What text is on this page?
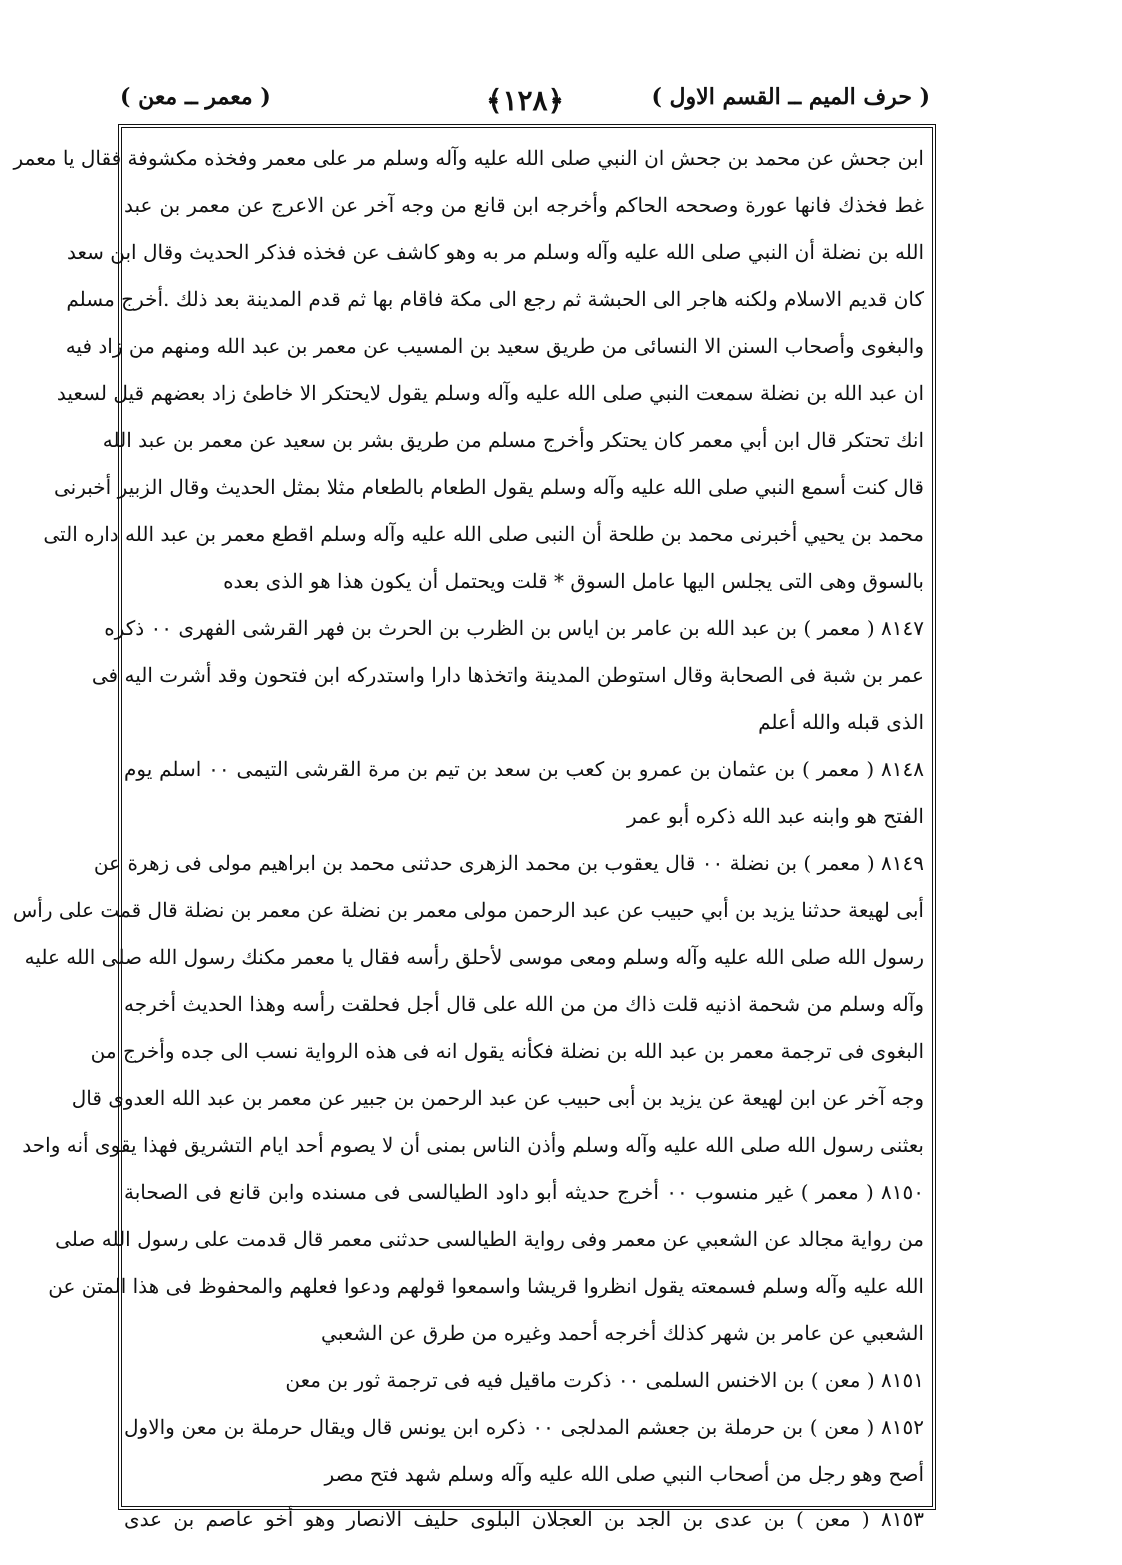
( حرف الميم ــ القسم الاول )
﴿١٢٨﴾
( معمر ــ معن )
ابن جحش عن محمد بن جحش ان النبي صلى الله عليه وآله وسلم مر على معمر وفخذه مكشوفة فقال يا معمر
غط فخذك فانها عورة وصححه الحاكم وأخرجه ابن قانع من وجه آخر عن الاعرج عن معمر بن عبد
الله بن نضلة أن النبي صلى الله عليه وآله وسلم مر به وهو كاشف عن فخذه فذكر الحديث وقال ابن سعد
كان قديم الاسلام ولكنه هاجر الى الحبشة ثم رجع الى مكة فاقام بها ثم قدم المدينة بعد ذلك .أخرج مسلم
والبغوى وأصحاب السنن الا النسائى من طريق سعيد بن المسيب عن معمر بن عبد الله ومنهم من زاد فيه
ان عبد الله بن نضلة سمعت النبي صلى الله عليه وآله وسلم يقول لايحتكر الا خاطئ زاد بعضهم قيل لسعيد
انك تحتكر قال ابن أبي معمر كان يحتكر وأخرج مسلم من طريق بشر بن سعيد عن معمر بن عبد الله
قال كنت أسمع النبي صلى الله عليه وآله وسلم يقول الطعام بالطعام مثلا بمثل الحديث وقال الزبير أخبرنى
محمد بن يحيي أخبرنى محمد بن طلحة أن النبى صلى الله عليه وآله وسلم اقطع معمر بن عبد الله داره التى
بالسوق وهى التى يجلس اليها عامل السوق * قلت ويحتمل أن يكون هذا هو الذى بعده
٨١٤٧ ( معمر ) بن عبد الله بن عامر بن اياس بن الظرب بن الحرث بن فهر القرشى الفهرى ٠٠ ذكره
عمر بن شبة فى الصحابة وقال استوطن المدينة واتخذها دارا واستدركه ابن فتحون وقد أشرت اليه فى
الذى قبله والله أعلم
٨١٤٨ ( معمر ) بن عثمان بن عمرو بن كعب بن سعد بن تيم بن مرة القرشى التيمى ٠٠ اسلم يوم
الفتح هو وابنه عبد الله ذكره أبو عمر
٨١٤٩ ( معمر ) بن نضلة ٠٠ قال يعقوب بن محمد الزهرى حدثنى محمد بن ابراهيم مولى فى زهرة عن
أبى لهيعة حدثنا يزيد بن أبي حبيب عن عبد الرحمن مولى معمر بن نضلة عن معمر بن نضلة قال قمت على رأس
رسول الله صلى الله عليه وآله وسلم ومعى موسى لأحلق رأسه فقال يا معمر مكنك رسول الله صلى الله عليه
وآله وسلم من شحمة اذنيه قلت ذاك من من الله على قال أجل فحلقت رأسه وهذا الحديث أخرجه
البغوى فى ترجمة معمر بن عبد الله بن نضلة فكأنه يقول انه فى هذه الرواية نسب الى جده وأخرج من
وجه آخر عن ابن لهيعة عن يزيد بن أبى حبيب عن عبد الرحمن بن جبير عن معمر بن عبد الله العدوى قال
بعثنى رسول الله صلى الله عليه وآله وسلم وأذن الناس بمنى أن لا يصوم أحد ايام التشريق فهذا يقوى أنه واحد
٨١٥٠ ( معمر ) غير منسوب ٠٠ أخرج حديثه أبو داود الطيالسى فى مسنده وابن قانع فى الصحابة
من رواية مجالد عن الشعبي عن معمر وفى رواية الطيالسى حدثنى معمر قال قدمت على رسول الله صلى
الله عليه وآله وسلم فسمعته يقول انظروا قريشا واسمعوا قولهم ودعوا فعلهم والمحفوظ فى هذا المتن عن
الشعبي عن عامر بن شهر كذلك أخرجه أحمد وغيره من طرق عن الشعبي
٨١٥١ ( معن ) بن الاخنس السلمى ٠٠ ذكرت ماقيل فيه فى ترجمة ثور بن معن
٨١٥٢ ( معن ) بن حرملة بن جعشم المدلجى ٠٠ ذكره ابن يونس قال ويقال حرملة بن معن والاول
أصح وهو رجل من أصحاب النبي صلى الله عليه وآله وسلم شهد فتح مصر
٨١٥٣ ( معن ) بن عدى بن الجد بن العجلان البلوى حليف الانصار وهو أخو عاصم بن عدى
